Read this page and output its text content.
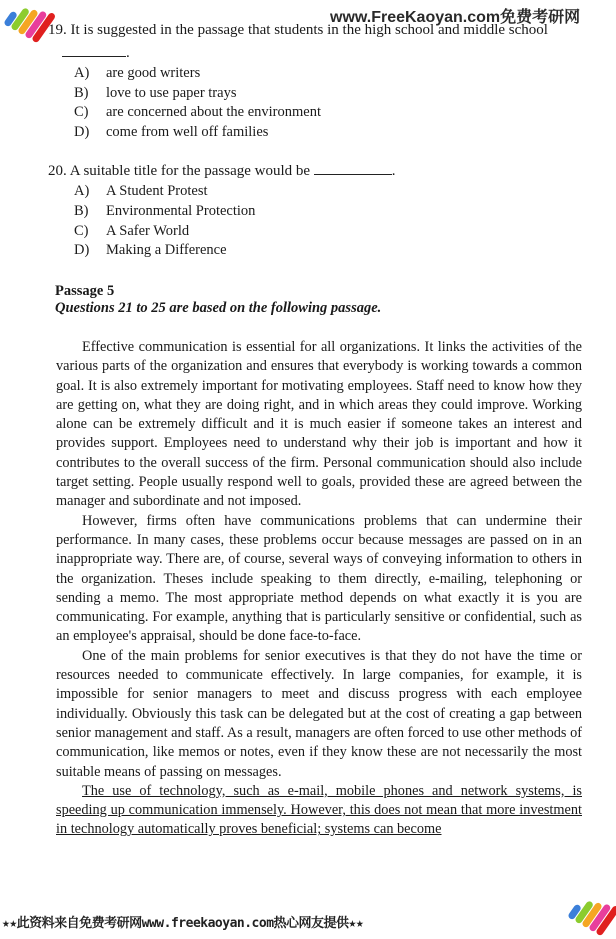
www.FreeKaoyan.com免费考研网
19. It is suggested in the passage that students in the high school and middle school
.
A) are good writers
B) love to use paper trays
C) are concerned about the environment
D) come from well off families
20. A suitable title for the passage would be	.
A) A Student Protest
B) Environmental Protection
C) A Safer World
D) Making a Difference
Passage 5
Questions 21 to 25 are based on the following passage.

Effective communication is essential for all organizations. It links the activities of the various parts of the organization and ensures that everybody is working towards a common goal. It is also extremely important for motivating employees. Staff need to know how they are getting on, what they are doing right, and in which areas they could improve. Working alone can be extremely difficult and it is much easier if someone takes an interest and provides support. Employees need to understand why their job is important and how it contributes to the overall success of the firm. Personal communication should also include target setting. People usually respond well to goals, provided these are agreed between the manager and subordinate and not imposed.

However, firms often have communications problems that can undermine their performance. In many cases, these problems occur because messages are passed on in an inappropriate way. There are, of course, several ways of conveying information to others in the organization. Theses include speaking to them directly, e-mailing, telephoning or sending a memo. The most appropriate method depends on what exactly it is you are communicating. For example, anything that is particularly sensitive or confidential, such as an employee's appraisal, should be done face-to-face.

One of the main problems for senior executives is that they do not have the time or resources needed to communicate effectively. In large companies, for example, it is impossible for senior managers to meet and discuss progress with each employee individually. Obviously this task can be delegated but at the cost of creating a gap between senior management and staff. As a result, managers are often forced to use other methods of communication, like memos or notes, even if they know these are not necessarily the most suitable means of passing on messages.

The use of technology, such as e-mail, mobile phones and network systems, is speeding up communication immensely. However, this does not mean that more investment in technology automatically proves beneficial; systems can become

★★此资料来自免费考研网www.freekaoyan.com热心网友提供★★
